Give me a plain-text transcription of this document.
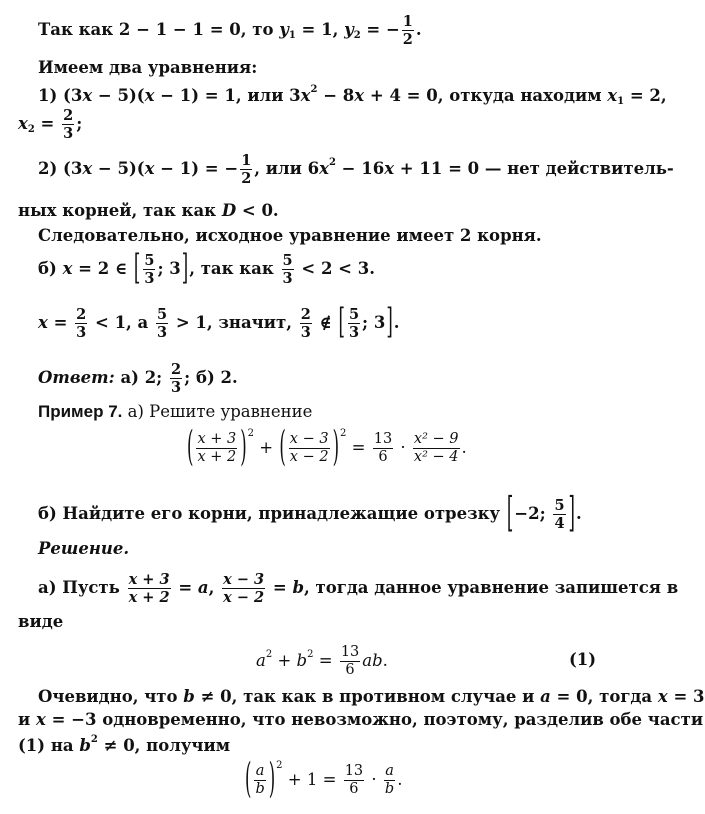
Так как 2 − 1 − 1 = 0, то $y_1 = 1$, $y_2$ = − $\frac{1}{2}$ .
Имеем два уравнения:
1) (3x − 5)(x − 1) = 1, или $3x^2 - 8x + 4 = 0$, откуда находим $x_1 = 2$,
$x_2 = \frac{2}{3}$ ;
2) (3x − 5)(x − 1) = − $\frac{1}{2}$ , или $6x^2 - 16x + 11 = 0$ — нет действитель-
ных корней, так как D < 0.
Следовательно, исходное уравнение имеет 2 корня.
б) x = 2 ∈ [ $\frac{5}{3}$ ; 3], так как $\frac{5}{3} < 2 < 3$.
$x = \frac{2}{3} < 1$, а $\frac{5}{3} > 1$, значит, $\frac{2}{3}$ ∉ [ $\frac{5}{3}$ ; 3].
Ответ: а) 2; $\frac{2}{3}$ ; б) 2.
Пример 7. а) Решите уравнение
( $\frac{x + 3}{x + 2} )^2$ + ( $\frac{x - 3}{x - 2} )^2 = \frac{13}{6} \cdot \frac{\text{x² − 9}}{\text{x² − 4}}$ .
б) Найдите его корни, принадлежащие отрезку [−2; $\frac{5}{4}$ ].
Решение.
а) Пусть $\frac{x + 3}{x + 2} = a$, $\frac{x - 3}{x - 2} = b$, тогда данное уравнение запишется в
виде
$a^2 + b^2 = \frac{13}{6}$ ab.	(1)
Очевидно, что b ≠ 0, так как в противном случае и a = 0, тогда x = 3
и x = −3 одновременно, что невозможно, поэтому, разделив обе части
(1) на $b^2 \ne 0$, получим
( $\frac{a}{b} )^2 + 1 = \frac{13}{6} \cdot \frac{a}{b}$ .
